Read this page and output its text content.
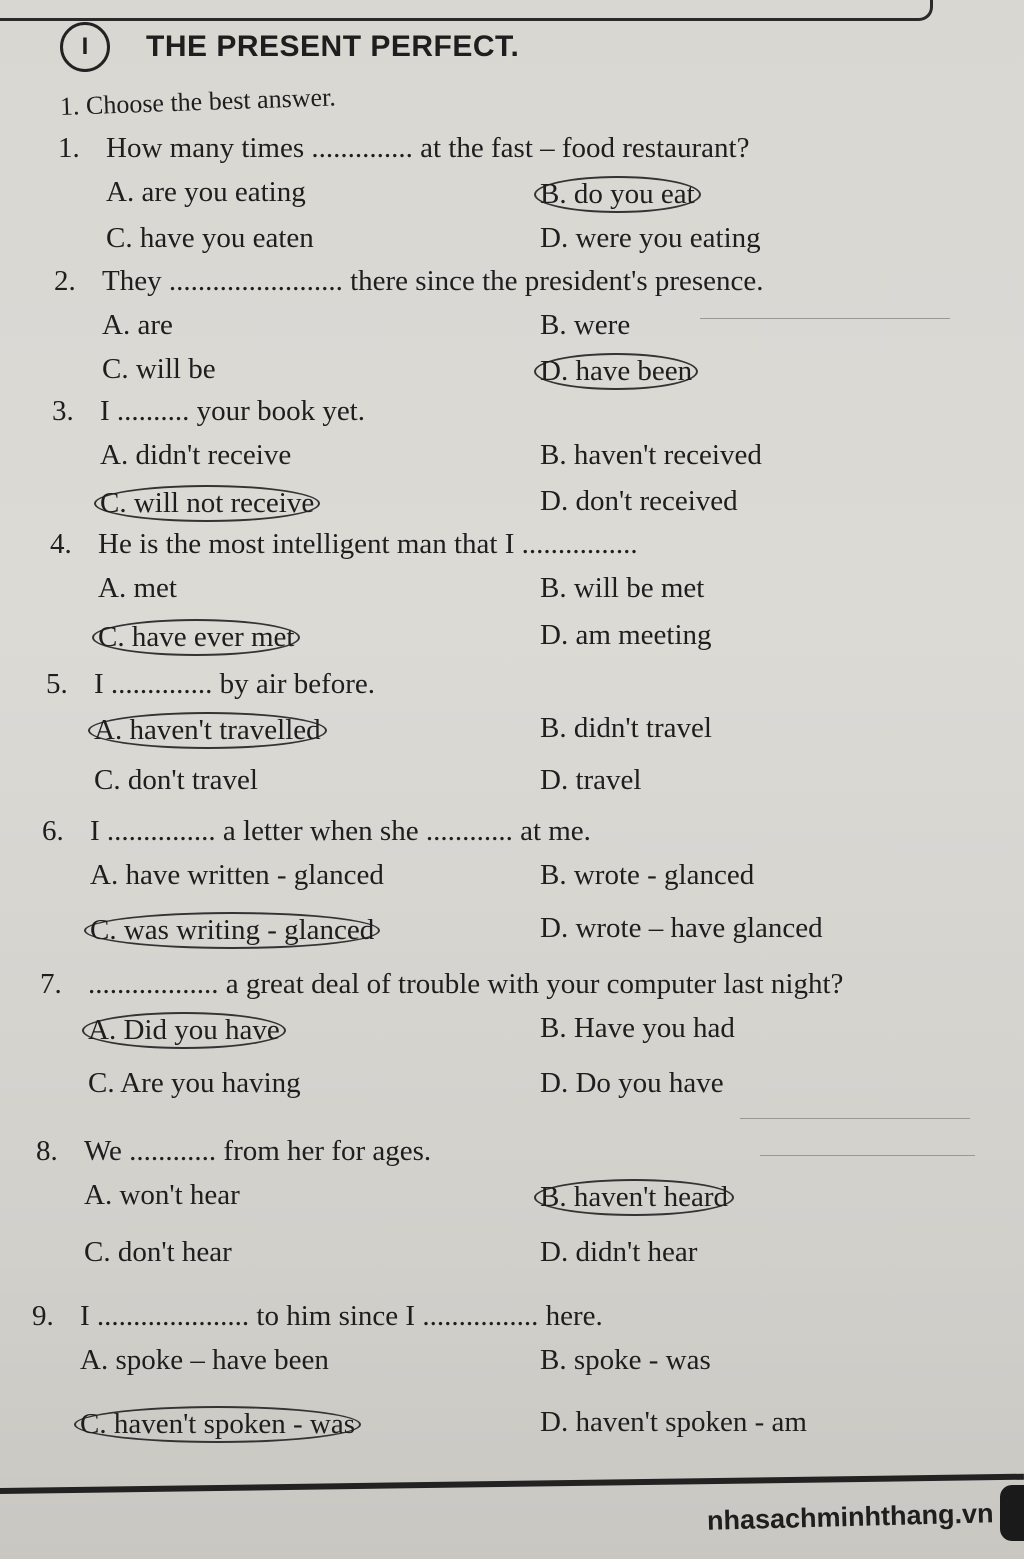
I	THE PRESENT PERFECT.
1. Choose the best answer.
1. How many times .............. at the fast – food restaurant?
A. are you eating	B. do you eat
C. have you eaten	D. were you eating
2. They ........................ there since the president's presence.
A. are	B. were
C. will be	D. have been
3. I .......... your book yet.
A. didn't receive	B. haven't received
C. will not receive	D. don't received
4. He is the most intelligent man that I ................
A. met	B. will be met
C. have ever met	D. am meeting
5. I .............. by air before.
A. haven't travelled	B. didn't travel
C. don't travel	D. travel
6. I ............... a letter when she ............ at me.
A. have written - glanced	B. wrote - glanced
C. was writing - glanced	D. wrote – have glanced
7. .................. a great deal of trouble with your computer last night?
A. Did you have	B. Have you had
C. Are you having	D. Do you have
8. We ............ from her for ages.
A. won't hear	B. haven't heard
C. don't hear	D. didn't hear
9. I ..................... to him since I ................ here.
A. spoke – have been	B. spoke - was
C. haven't spoken - was	D. haven't spoken - am
nhasachminhthang.vn
